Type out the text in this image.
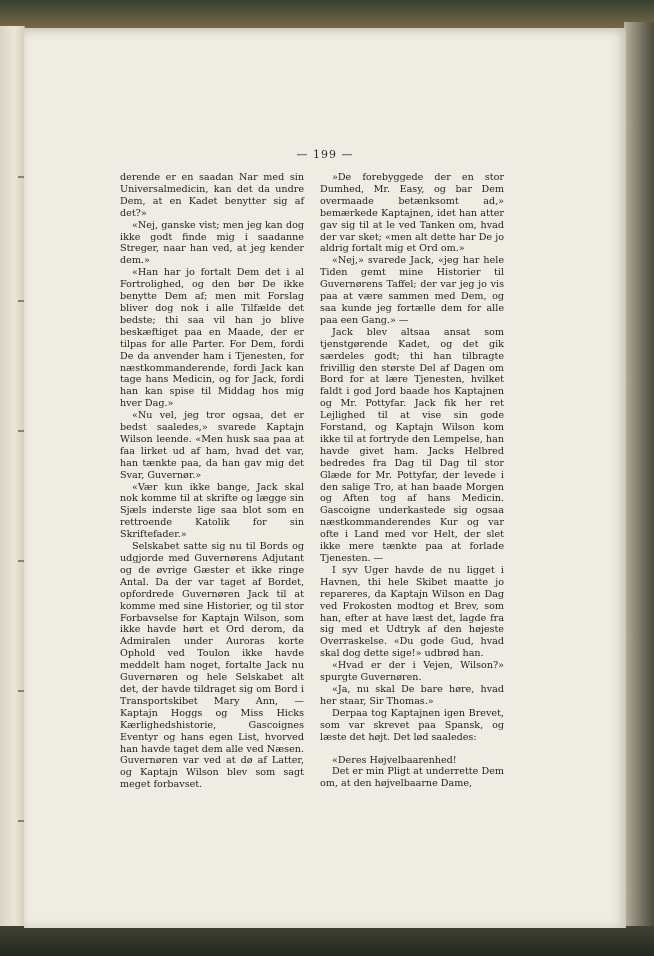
— 199 —

derende er en saadan Nar med sin Universalmedicin, kan det da undre Dem, at en Kadet benytter sig af det?»

«Nej, ganske vist; men jeg kan dog ikke godt finde mig i saadanne Streger, naar han ved, at jeg kender dem.»

«Han har jo fortalt Dem det i al Fortrolighed, og den bør De ikke benytte Dem af; men mit Forslag bliver dog nok i alle Tilfælde det bedste; thi saa vil han jo blive beskæftiget paa en Maade, der er tilpas for alle Parter. For Dem, fordi De da anvender ham i Tjenesten, for næstkommanderende, fordi Jack kan tage hans Medicin, og for Jack, fordi han kan spise til Middag hos mig hver Dag.»

«Nu vel, jeg tror ogsaa, det er bedst saaledes,» svarede Kaptajn Wilson leende. «Men husk saa paa at faa lirket ud af ham, hvad det var, han tænkte paa, da han gav mig det Svar, Guvernør.»

«Vær kun ikke bange, Jack skal nok komme til at skrifte og lægge sin Sjæls inderste lige saa blot som en rettroende Katolik for sin Skriftefader.»

Selskabet satte sig nu til Bords og udgjorde med Guvernørens Adjutant og de øvrige Gæster et ikke ringe Antal. Da der var taget af Bordet, opfordrede Guvernøren Jack til at komme med sine Historier, og til stor Forbavselse for Kaptajn Wilson, som ikke havde hørt et Ord derom, da Admiralen under Auroras korte Ophold ved Toulon ikke havde meddelt ham noget, fortalte Jack nu Guvernøren og hele Selskabet alt det, der havde tildraget sig om Bord i Transportskibet Mary Ann, — Kaptajn Hoggs og Miss Hicks Kærlighedshistorie, Gascoignes Eventyr og hans egen List, hvorved han havde taget dem alle ved Næsen. Guvernøren var ved at dø af Latter, og Kaptajn Wilson blev som sagt meget forbavset.

»De forebyggede der en stor Dumhed, Mr. Easy, og bar Dem overmaade betænksomt ad,» bemærkede Kaptajnen, idet han atter gav sig til at le ved Tanken om, hvad der var sket; «men alt dette har De jo aldrig fortalt mig et Ord om.»

«Nej,» svarede Jack, «jeg har hele Tiden gemt mine Historier til Guvernørens Taffel; der var jeg jo vis paa at være sammen med Dem, og saa kunde jeg fortælle dem for alle paa een Gang.» —

Jack blev altsaa ansat som tjenstgørende Kadet, og det gik særdeles godt; thi han tilbragte frivillig den største Del af Dagen om Bord for at lære Tjenesten, hvilket faldt i god Jord baade hos Kaptajnen og Mr. Pottyfar. Jack fik her ret Lejlighed til at vise sin gode Forstand, og Kaptajn Wilson kom ikke til at fortryde den Lempelse, han havde givet ham. Jacks Helbred bedredes fra Dag til Dag til stor Glæde for Mr. Pottyfar, der levede i den salige Tro, at han baade Morgen og Aften tog af hans Medicin. Gascoigne underkastede sig ogsaa næstkommanderendes Kur og var ofte i Land med vor Helt, der slet ikke mere tænkte paa at forlade Tjenesten. —

I syv Uger havde de nu ligget i Havnen, thi hele Skibet maatte jo repareres, da Kaptajn Wilson en Dag ved Frokosten modtog et Brev, som han, efter at have læst det, lagde fra sig med et Udtryk af den højeste Overraskelse. «Du gode Gud, hvad skal dog dette sige!» udbrød han.

«Hvad er der i Vejen, Wilson?» spurgte Guvernøren.

«Ja, nu skal De bare høre, hvad her staar, Sir Thomas.»

Derpaa tog Kaptajnen igen Brevet, som var skrevet paa Spansk, og læste det højt. Det lød saaledes:

«Deres Højvelbaarenhed!

Det er min Pligt at underrette Dem om, at den højvelbaarne Dame,
